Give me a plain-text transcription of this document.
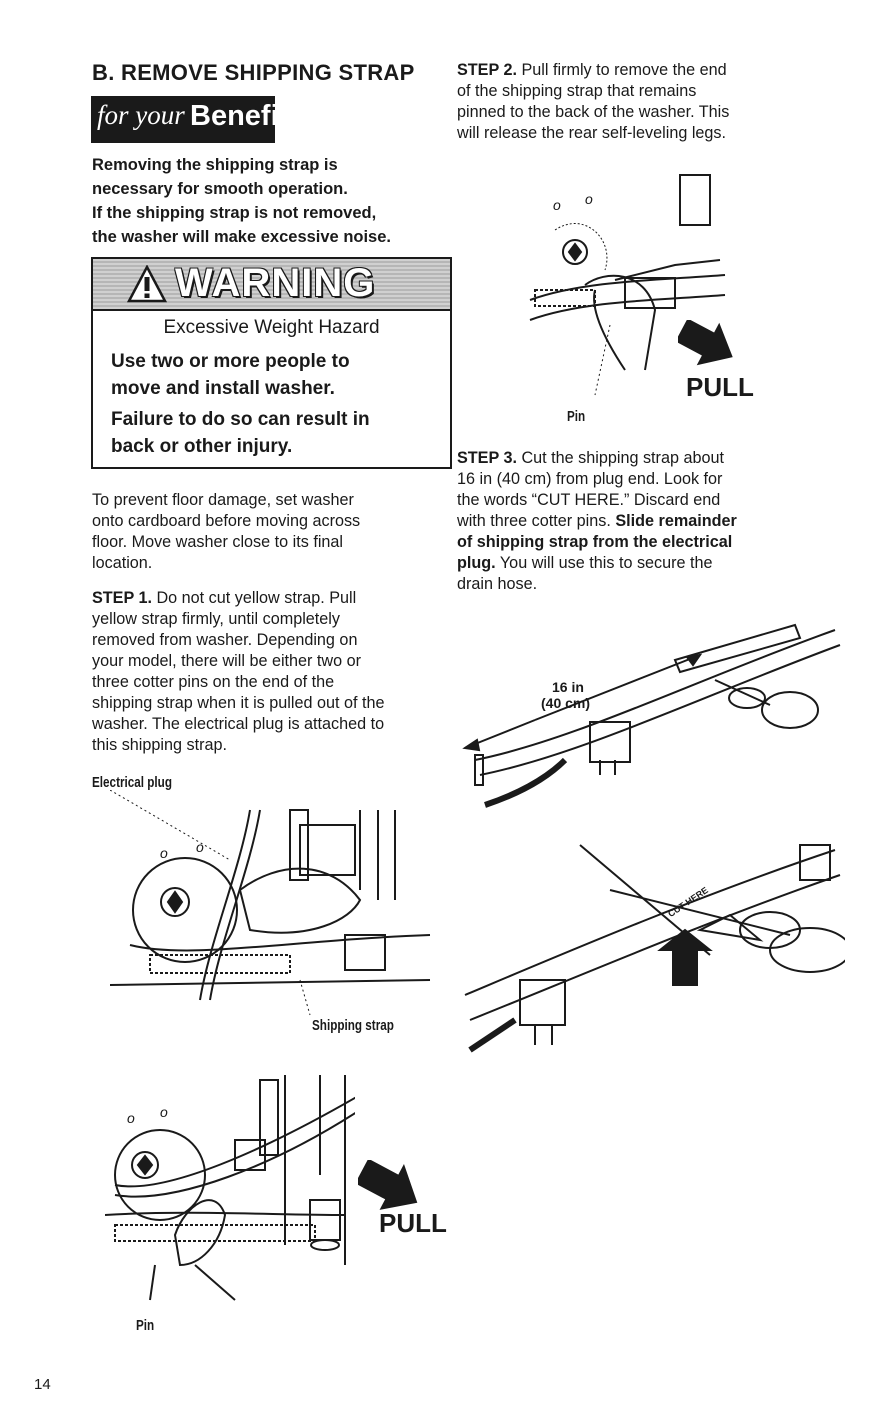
B. REMOVE SHIPPING STRAP
for your Benefit
Removing the shipping strap is
necessary for smooth operation.
If the shipping strap is not removed,
the washer will make excessive noise.
WARNING
Excessive Weight Hazard
Use two or more people to
move and install washer.
Failure to do so can result in
back or other injury.
To prevent floor damage, set washer
onto cardboard before moving across
floor. Move washer close to its final
location.
STEP 1. Do not cut yellow strap. Pull
yellow strap firmly, until completely
removed from washer. Depending on
your model, there will be either two or
three cotter pins on the end of the
shipping strap when it is pulled out of the
washer. The electrical plug is attached to
this shipping strap.
Electrical plug
o o
Shipping strap
o o
PULL
Pin
14
STEP 2. Pull firmly to remove the end
of the shipping strap that remains
pinned to the back of the washer. This
will release the rear self-leveling legs.
o o
PULL
Pin
STEP 3. Cut the shipping strap about
16 in (40 cm) from plug end. Look for
the words “CUT HERE.” Discard end
with three cotter pins. Slide remainder
of shipping strap from the electrical
plug. You will use this to secure the
drain hose.
16 in
(40 cm)
CUT HERE
